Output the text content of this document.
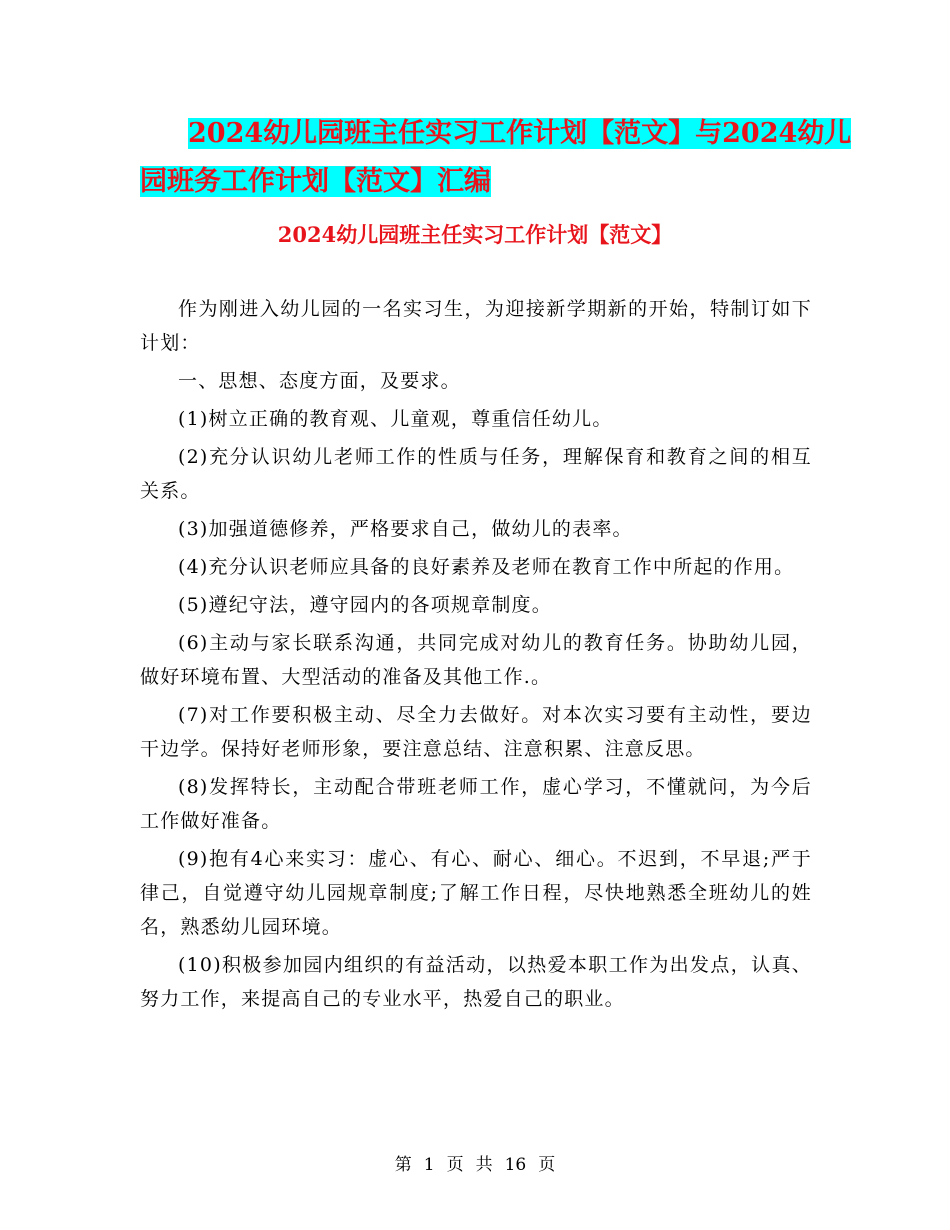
2024幼儿园班主任实习工作计划【范文】与2024幼儿
园班务工作计划【范文】汇编
2024幼儿园班主任实习工作计划【范文】

作为刚进入幼儿园的一名实习生，为迎接新学期新的开始，特制订如下计划：

一、思想、态度方面，及要求。

(1)树立正确的教育观、儿童观，尊重信任幼儿。

(2)充分认识幼儿老师工作的性质与任务，理解保育和教育之间的相互关系。

(3)加强道德修养，严格要求自己，做幼儿的表率。

(4)充分认识老师应具备的良好素养及老师在教育工作中所起的作用。

(5)遵纪守法，遵守园内的各项规章制度。

(6)主动与家长联系沟通，共同完成对幼儿的教育任务。协助幼儿园，做好环境布置、大型活动的准备及其他工作.。

(7)对工作要积极主动、尽全力去做好。对本次实习要有主动性，要边干边学。保持好老师形象，要注意总结、注意积累、注意反思。

(8)发挥特长，主动配合带班老师工作，虚心学习，不懂就问，为今后工作做好准备。

(9)抱有4心来实习：虚心、有心、耐心、细心。不迟到，不早退;严于律己，自觉遵守幼儿园规章制度;了解工作日程，尽快地熟悉全班幼儿的姓名，熟悉幼儿园环境。

(10)积极参加园内组织的有益活动，以热爱本职工作为出发点，认真、努力工作，来提高自己的专业水平，热爱自己的职业。

第 1 页 共 16 页
